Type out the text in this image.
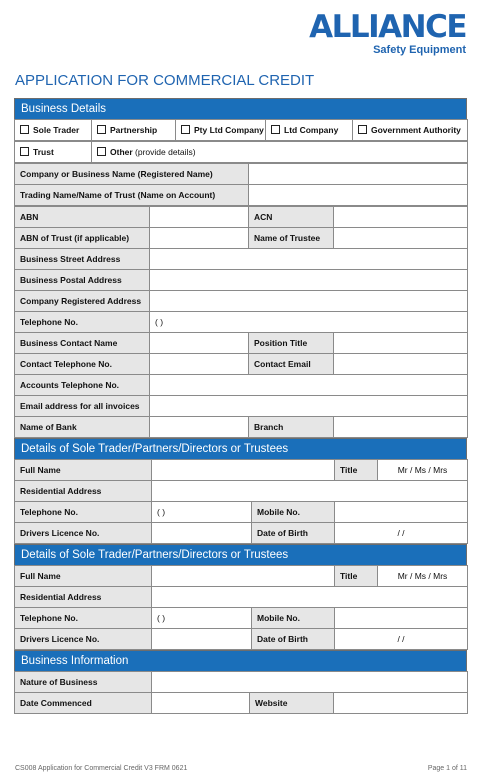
ALLIANCE
Safety Equipment
APPLICATION FOR COMMERCIAL CREDIT
Business Details
Sole Trader	Partnership	Pty Ltd Company	Ltd Company	Government Authority
Trust	Other (provide details)
Company or Business Name (Registered Name)	
Trading Name/Name of Trust (Name on Account)	
ABN		ACN	
ABN of Trust (if applicable)		Name of Trustee	
Business Street Address			
Business Postal Address			
Company Registered Address			
Telephone No.	( )		
Business Contact Name		Position Title	
Contact Telephone No.		Contact Email	
Accounts Telephone No.			
Email address for all invoices			
Name of Bank		Branch	
Details of Sole Trader/Partners/Directors or Trustees
Full Name			Title	Mr / Ms / Mrs
Residential Address				
Telephone No.	( )	Mobile No.		
Drivers Licence No.		Date of Birth	/ /	
Details of Sole Trader/Partners/Directors or Trustees
Full Name			Title	Mr / Ms / Mrs
Residential Address				
Telephone No.	( )	Mobile No.		
Drivers Licence No.		Date of Birth	/ /	
Business Information
Nature of Business			
Date Commenced		Website	
CS008 Application for Commercial Credit V3 FRM 0621	Page 1 of 11
